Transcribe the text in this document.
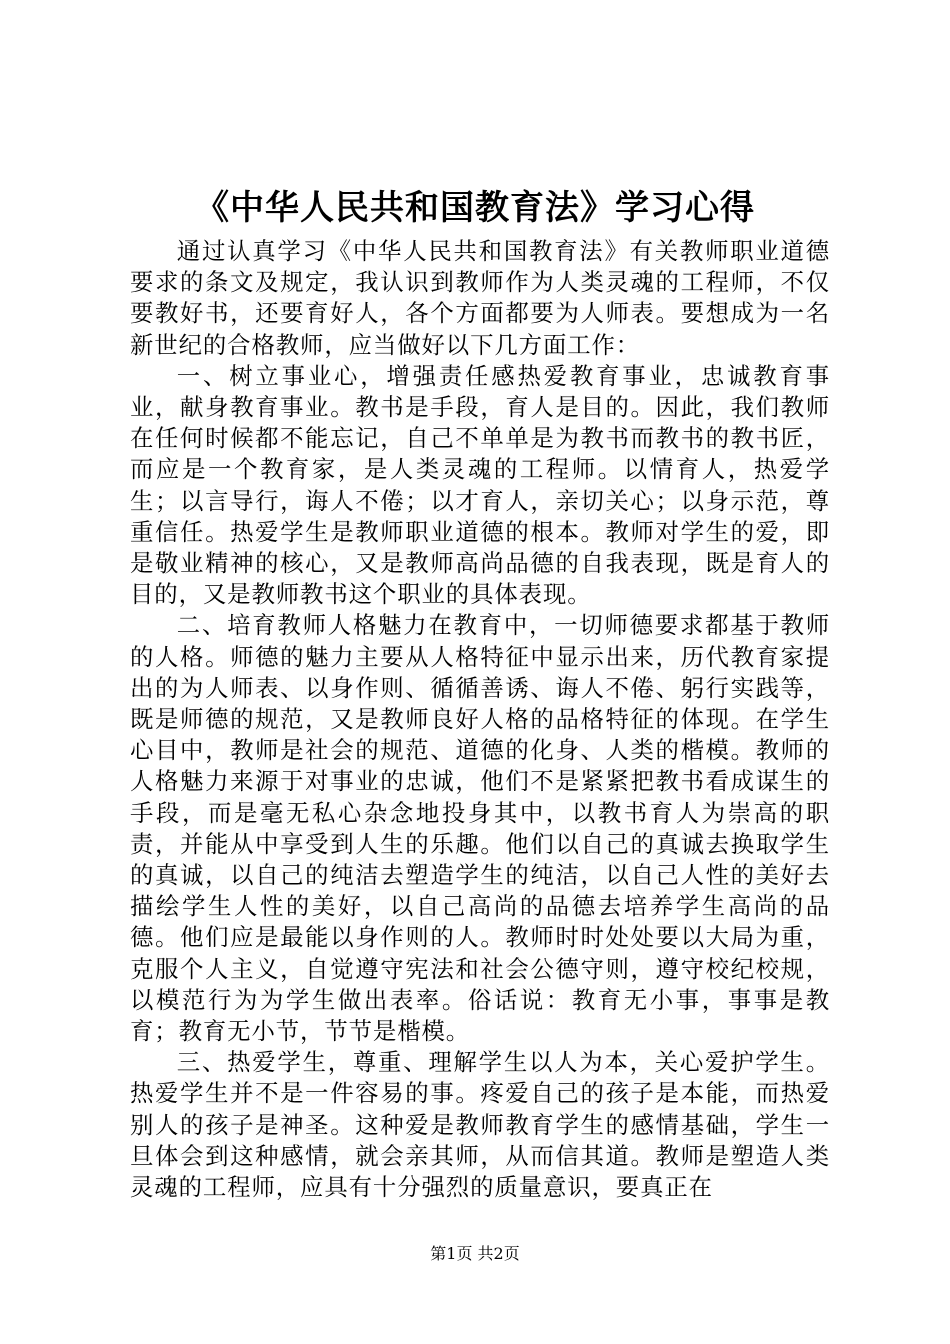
《中华人民共和国教育法》学习心得

通过认真学习《中华人民共和国教育法》有关教师职业道德要求的条文及规定，我认识到教师作为人类灵魂的工程师，不仅要教好书，还要育好人，各个方面都要为人师表。要想成为一名新世纪的合格教师，应当做好以下几方面工作：

一、树立事业心，增强责任感热爱教育事业，忠诚教育事业，献身教育事业。教书是手段，育人是目的。因此，我们教师在任何时候都不能忘记，自己不单单是为教书而教书的教书匠，而应是一个教育家，是人类灵魂的工程师。以情育人，热爱学生；以言导行，诲人不倦；以才育人，亲切关心；以身示范，尊重信任。热爱学生是教师职业道德的根本。教师对学生的爱，即是敬业精神的核心，又是教师高尚品德的自我表现，既是育人的目的，又是教师教书这个职业的具体表现。

二、培育教师人格魅力在教育中，一切师德要求都基于教师的人格。师德的魅力主要从人格特征中显示出来，历代教育家提出的为人师表、以身作则、循循善诱、诲人不倦、躬行实践等，既是师德的规范，又是教师良好人格的品格特征的体现。在学生心目中，教师是社会的规范、道德的化身、人类的楷模。教师的人格魅力来源于对事业的忠诚，他们不是紧紧把教书看成谋生的手段，而是毫无私心杂念地投身其中，以教书育人为崇高的职责，并能从中享受到人生的乐趣。他们以自己的真诚去换取学生的真诚，以自己的纯洁去塑造学生的纯洁，以自己人性的美好去描绘学生人性的美好，以自己高尚的品德去培养学生高尚的品德。他们应是最能以身作则的人。教师时时处处要以大局为重，克服个人主义，自觉遵守宪法和社会公德守则，遵守校纪校规，以模范行为为学生做出表率。俗话说：教育无小事，事事是教育；教育无小节，节节是楷模。

三、热爱学生，尊重、理解学生以人为本，关心爱护学生。热爱学生并不是一件容易的事。疼爱自己的孩子是本能，而热爱别人的孩子是神圣。这种爱是教师教育学生的感情基础，学生一旦体会到这种感情，就会亲其师，从而信其道。教师是塑造人类灵魂的工程师，应具有十分强烈的质量意识，要真正在

第1页 共2页
